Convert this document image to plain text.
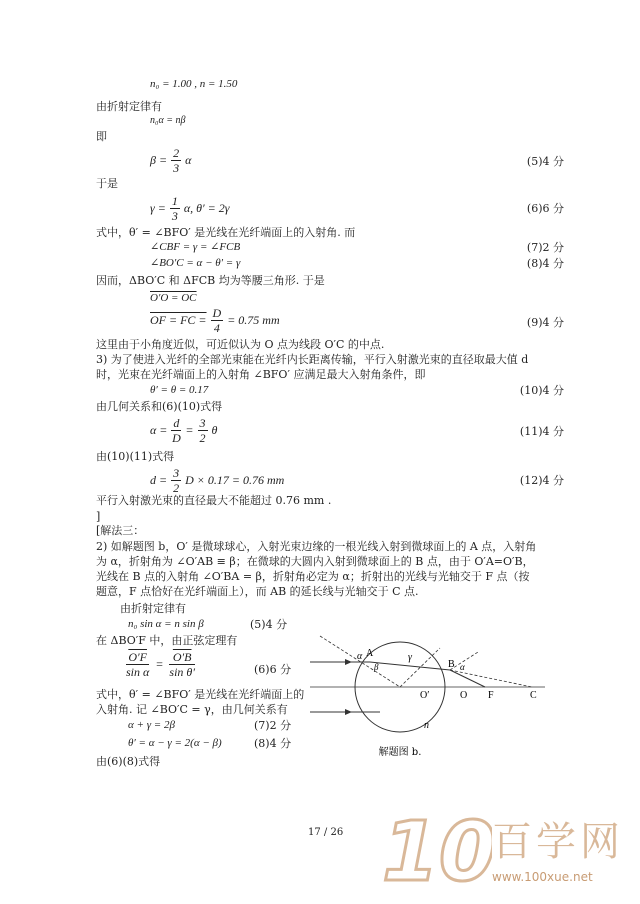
n₀ = 1.00 , n = 1.50
由折射定律有
n₀α = nβ
即
$\beta = \frac{2}{3}$ α	(5)4 分
于是
$\gamma = \frac{1}{3} \alpha$, θ′ = 2γ	(6)6 分
式中，θ′ = ∠BFO′ 是光线在光纤端面上的入射角. 而
∠CBF = γ = ∠FCB	(7)2 分
∠BO′C = α − θ′ = γ	(8)4 分
因而，ΔBO′C 和 ΔFCB 均为等腰三角形. 于是
O′O = OC
OF = FC = $\frac{D}{4} = 0.75$ mm	(9)4 分
这里由于小角度近似，可近似认为 O 点为线段 O′C 的中点.
3) 为了使进入光纤的全部光束能在光纤内长距离传输，平行入射激光束的直径取最大值 d
时，光束在光纤端面上的入射角 ∠BFO′ 应满足最大入射角条件，即
θ′ = θ = 0.17	(10)4 分
由几何关系和(6)(10)式得
$\alpha = \frac{d}{D} = \frac{3}{2}$ θ	(11)4 分
由(10)(11)式得
$d = \frac{3}{2}$ D × 0.17 = 0.76 mm	(12)4 分
平行入射激光束的直径最大不能超过 0.76 mm .
]
[解法三：
2) 如解题图 b，O′ 是微球球心，入射光束边缘的一根光线入射到微球面上的 A 点，入射角
为 α，折射角为 ∠O′AB ≡ β；在微球的大圆内入射到微球面上的 B 点，由于 O′A=O′B，
光线在 B 点的入射角 ∠O′BA = β，折射角必定为 α；折射出的光线与光轴交于 F 点（按
题意，F 点恰好在光纤端面上），而 AB 的延长线与光轴交于 C 点.
由折射定律有
n₀ sin α = n sin β	(5)4 分
在 ΔBO′F 中，由正弦定理有
$\frac{O'F}{\text{sin α}} = \frac{O'B}{\text{sin θ′}}$	(6)6 分
式中，θ′ = ∠BFO′ 是光线在光纤端面上的
入射角. 记 ∠BO′C = γ，由几何关系有
α + γ = 2β	(7)2 分
θ′ = α − γ = 2(α − β)	(8)4 分
由(6)(8)式得
α A
β
γ
B α
O′	O F	C
n
解题图 b.
17 / 26 10
百学网
www.100xue.net
